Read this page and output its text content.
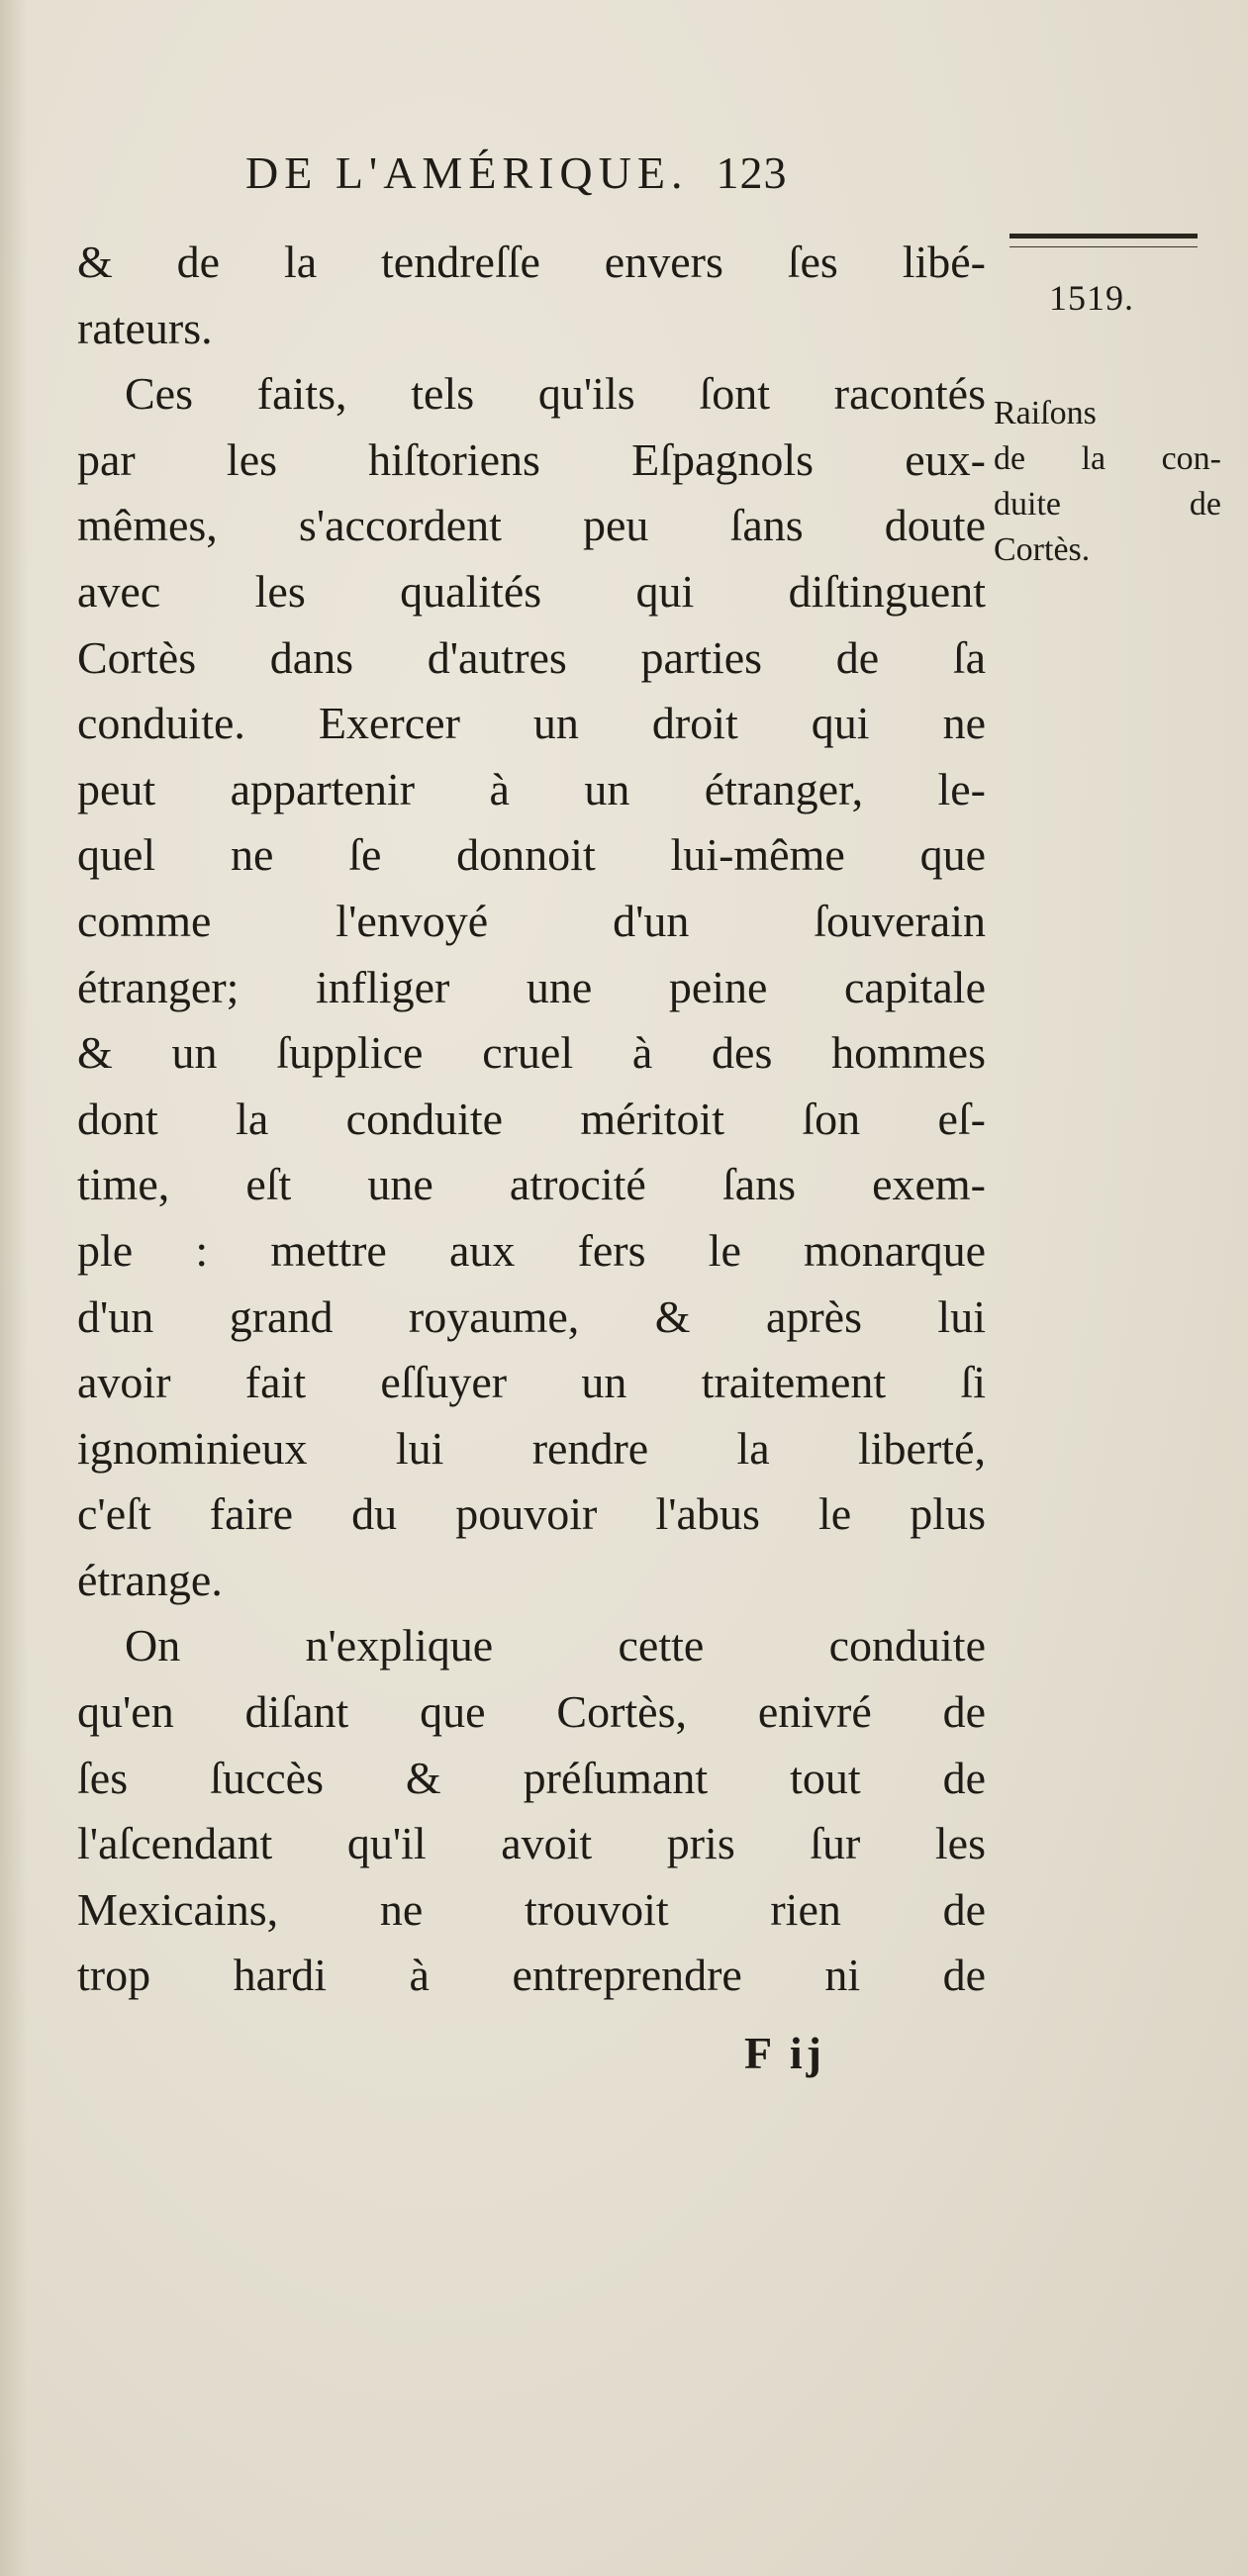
DE L'AMÉRIQUE. 123
1519.
Raiſons
de la con-
duite de
Cortès.
& de la tendreſſe envers ſes libé-
rateurs.
Ces faits, tels qu'ils ſont racontés
par les hiſtoriens Eſpagnols eux-
mêmes, s'accordent peu ſans doute
avec les qualités qui diſtinguent
Cortès dans d'autres parties de ſa
conduite. Exercer un droit qui ne
peut appartenir à un étranger, le-
quel ne ſe donnoit lui-même que
comme l'envoyé d'un ſouverain
étranger; infliger une peine capitale
& un ſupplice cruel à des hommes
dont la conduite méritoit ſon eſ-
time, eſt une atrocité ſans exem-
ple : mettre aux fers le monarque
d'un grand royaume, & après lui
avoir fait eſſuyer un traitement ſi
ignominieux lui rendre la liberté,
c'eſt faire du pouvoir l'abus le plus
étrange.
On n'explique cette conduite
qu'en diſant que Cortès, enivré de
ſes ſuccès & préſumant tout de
l'aſcendant qu'il avoit pris ſur les
Mexicains, ne trouvoit rien de
trop hardi à entreprendre ni de
F ij
